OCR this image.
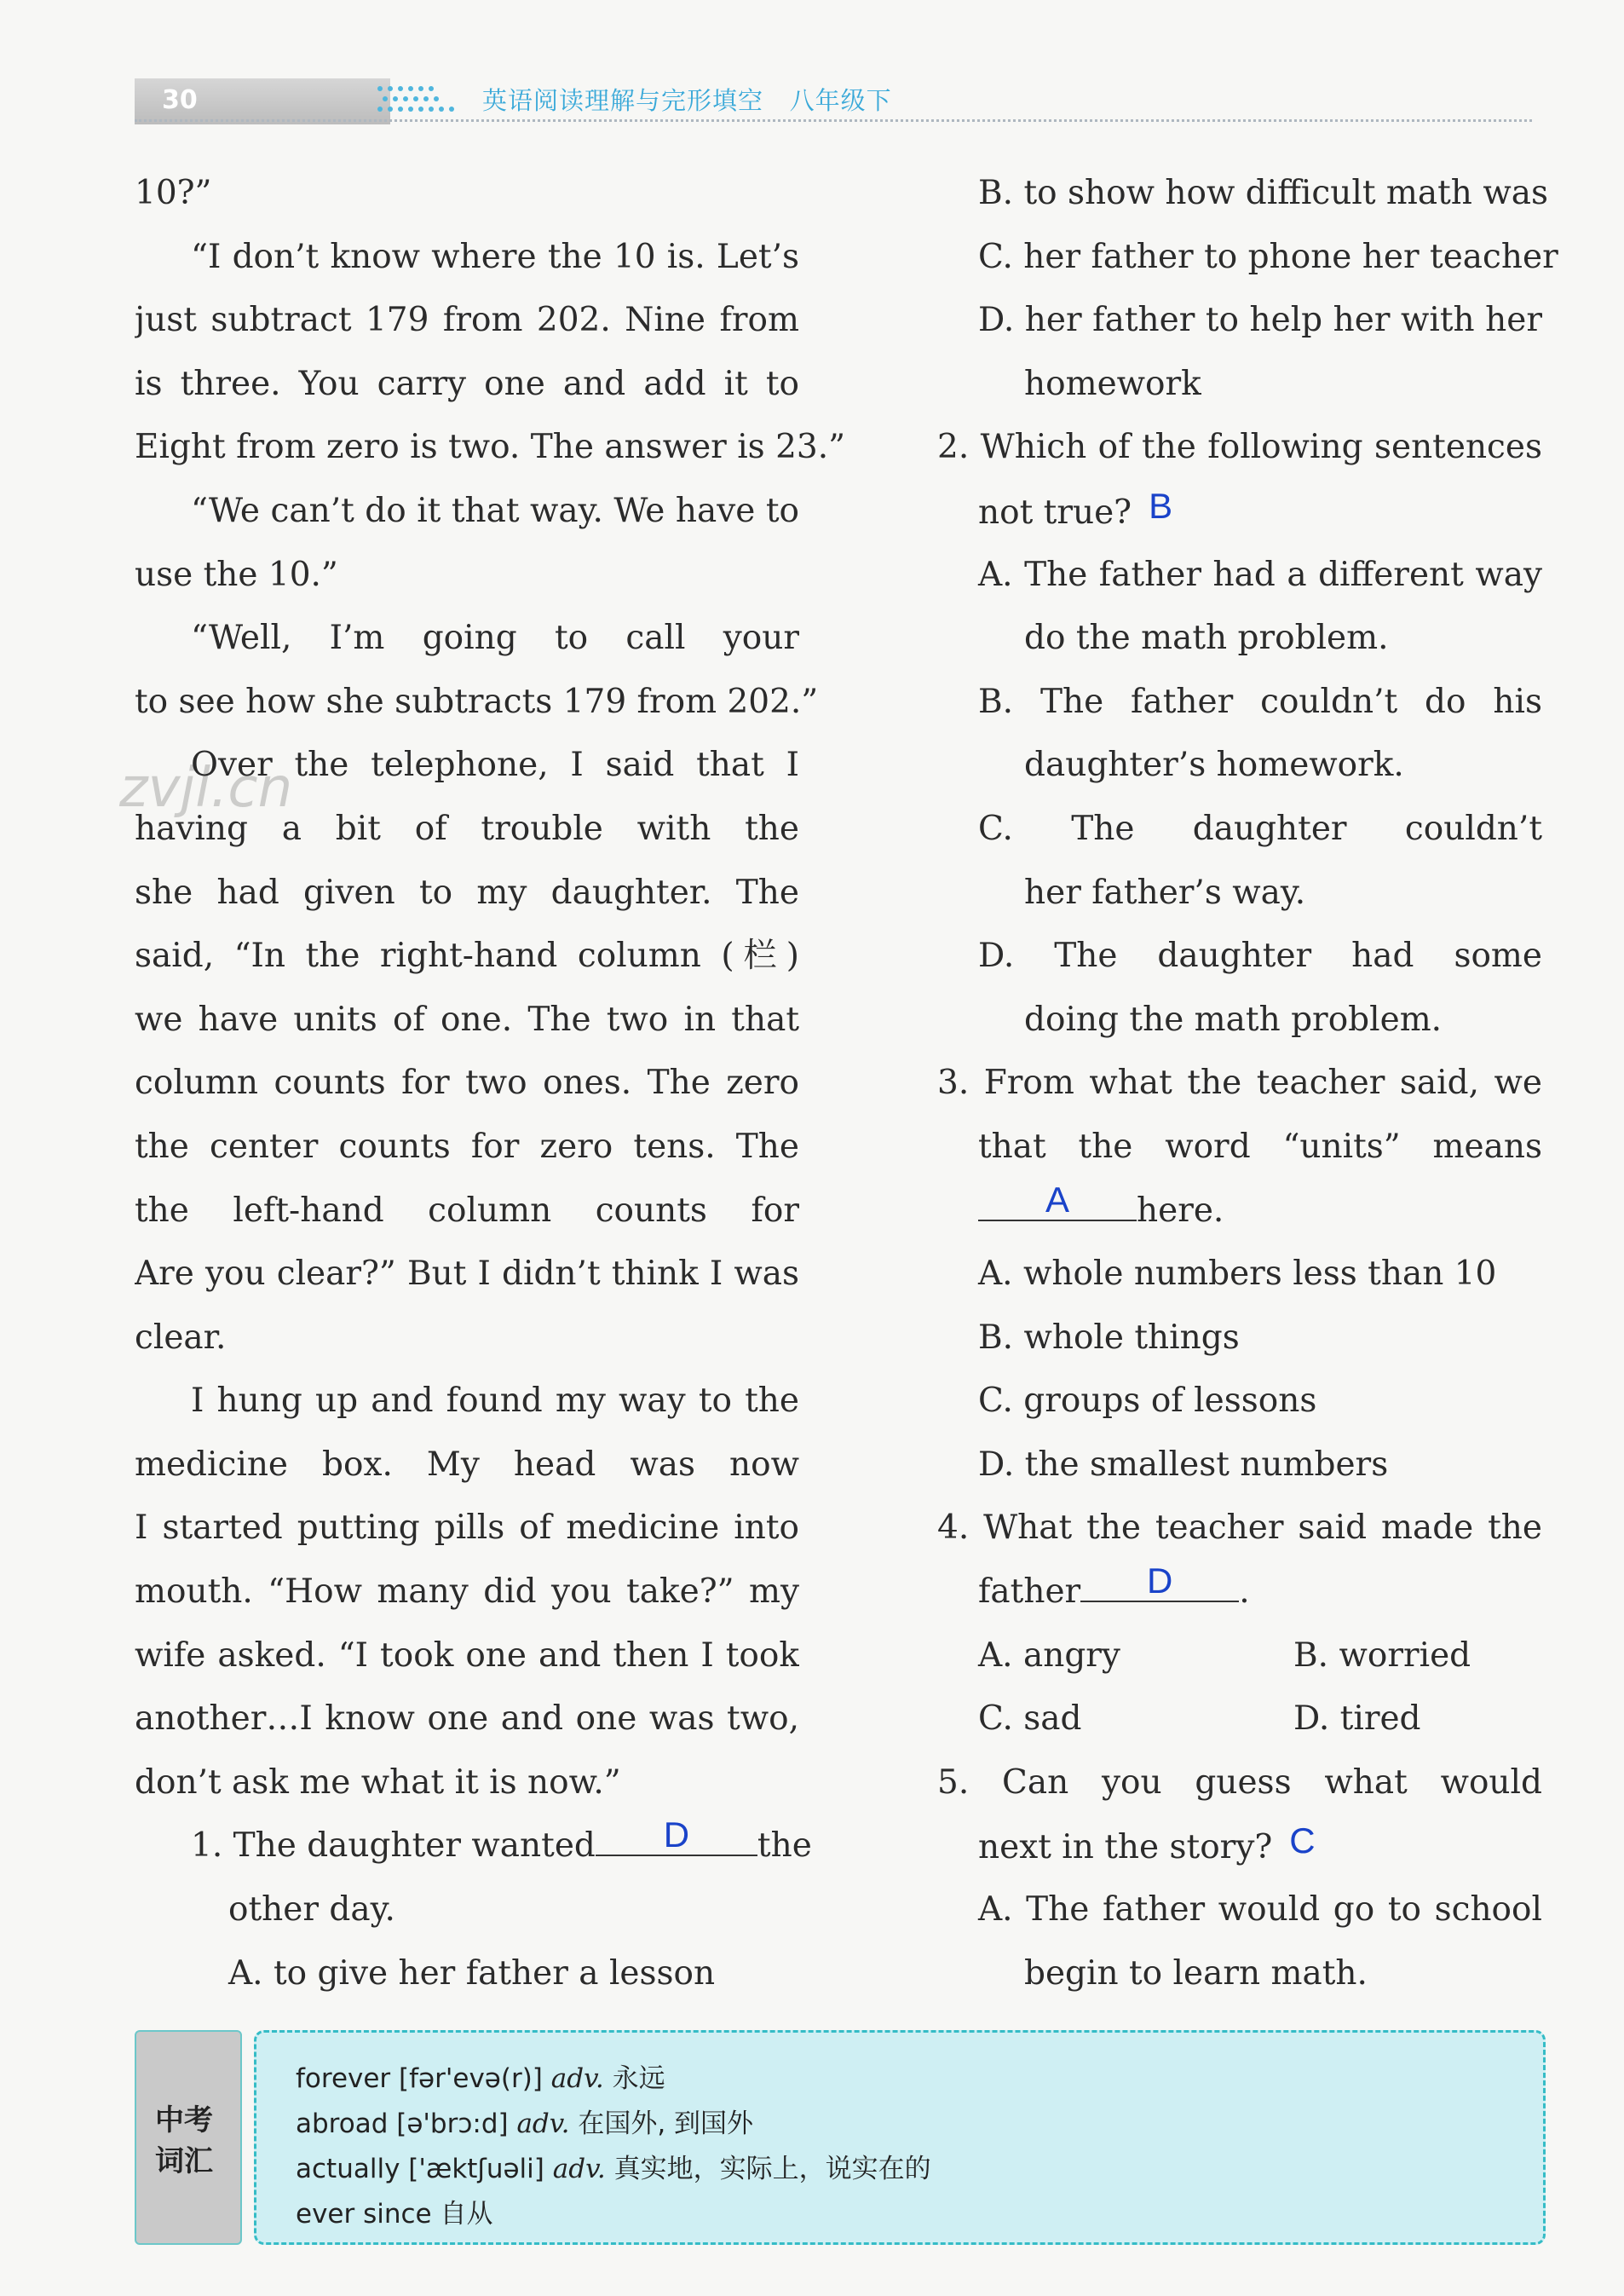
30	英语阅读理解与完形填空 八年级下
zvjl.cn
10?”
“I don’t know where the 10 is. Let’s
just subtract 179 from 202. Nine from
is three. You carry one and add it to
Eight from zero is two. The answer is 23.”
“We can’t do it that way. We have to
use the 10.”
“Well, I’m going to call your
to see how she subtracts 179 from 202.”
Over the telephone, I said that I
having a bit of trouble with the
she had given to my daughter. The
said, “In the right-hand column (栏)
we have units of one. The two in that
column counts for two ones. The zero
the center counts for zero tens. The
the left-hand column counts for
Are you clear?” But I didn’t think I was
clear.
I hung up and found my way to the
medicine box. My head was now
I started putting pills of medicine into
mouth. “How many did you take?” my
wife asked. “I took one and then I took
another…I know one and one was two,
don’t ask me what it is now.”
1. The daughter wanted	D	the
other day.
A. to give her father a lesson
B. to show how difficult math was
C. her father to phone her teacher
D. her father to help her with her
homework
2. Which of the following sentences
not true? B
A. The father had a different way
do the math problem.
B. The father couldn’t do his
daughter’s homework.
C. The daughter couldn’t
her father’s way.
D. The daughter had some
doing the math problem.
3. From what the teacher said, we
that the word “units” means
A	here.
A. whole numbers less than 10
B. whole things
C. groups of lessons
D. the smallest numbers
4. What the teacher said made the
father	D	.
A. angry	B. worried
C. sad	D. tired
5. Can you guess what would
next in the story? C
A. The father would go to school
begin to learn math.
中考
词汇
forever [fər'evə(r)] adv. 永远
abroad [ə'brɔ:d] adv. 在国外, 到国外
actually ['æktʃuəli] adv. 真实地，实际上，说实在的
ever since 自从
